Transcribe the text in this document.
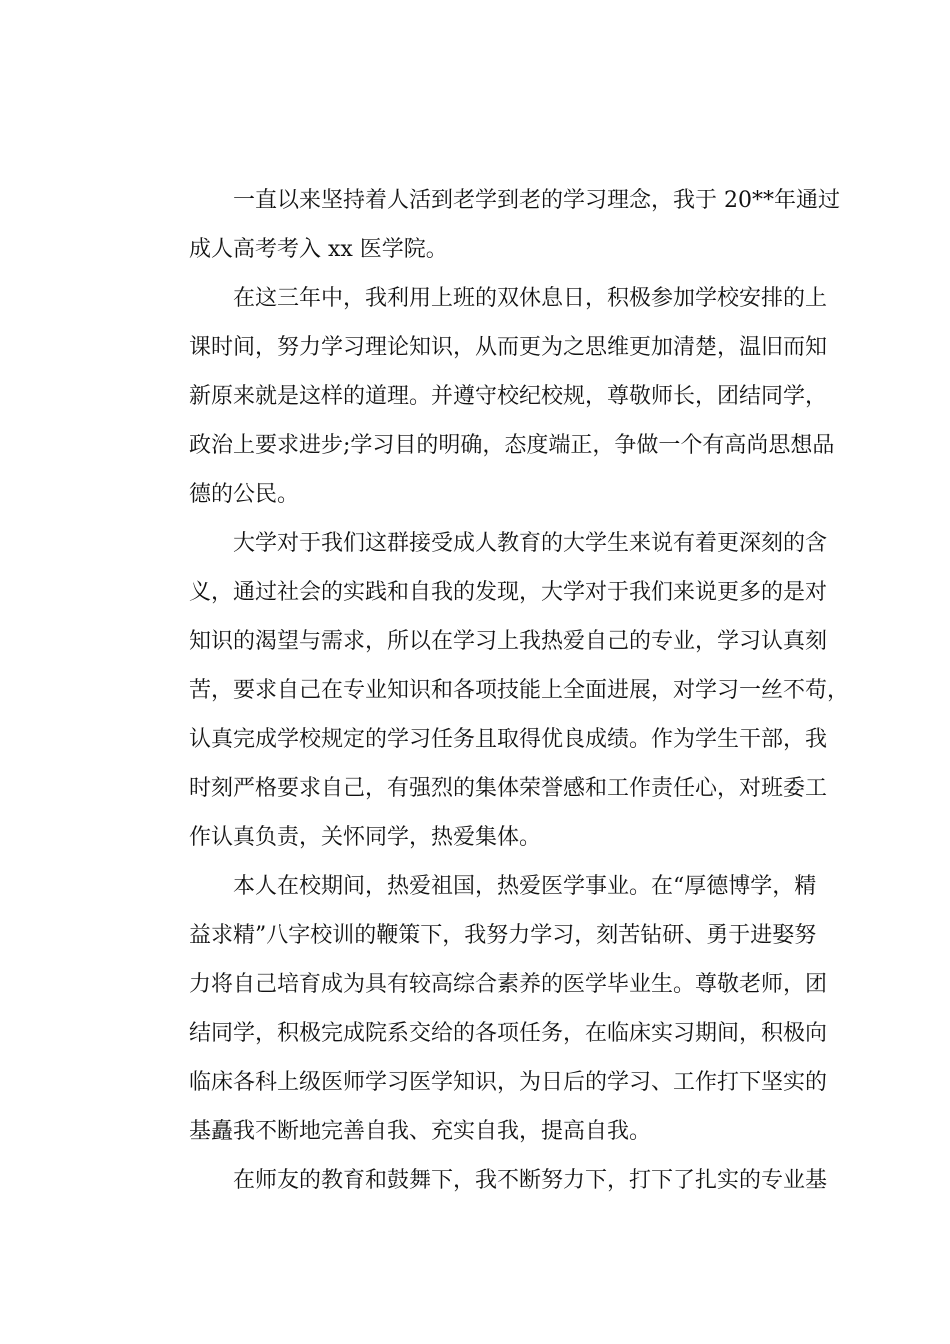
一直以来坚持着人活到老学到老的学习理念，我于 20**年通过
成人高考考入 xx 医学院。
在这三年中，我利用上班的双休息日，积极参加学校安排的上
课时间，努力学习理论知识，从而更为之思维更加清楚，温旧而知
新原来就是这样的道理。并遵守校纪校规，尊敬师长，团结同学，
政治上要求进步;学习目的明确，态度端正，争做一个有高尚思想品
德的公民。
大学对于我们这群接受成人教育的大学生来说有着更深刻的含
义，通过社会的实践和自我的发现，大学对于我们来说更多的是对
知识的渴望与需求，所以在学习上我热爱自己的专业，学习认真刻
苦，要求自己在专业知识和各项技能上全面进展，对学习一丝不苟，
认真完成学校规定的学习任务且取得优良成绩。作为学生干部，我
时刻严格要求自己，有强烈的集体荣誉感和工作责任心，对班委工
作认真负责，关怀同学，热爱集体。
本人在校期间，热爱祖国，热爱医学事业。在“厚德博学，精
益求精”八字校训的鞭策下，我努力学习，刻苦钻研、勇于进娶努
力将自己培育成为具有较高综合素养的医学毕业生。尊敬老师，团
结同学，积极完成院系交给的各项任务，在临床实习期间，积极向
临床各科上级医师学习医学知识，为日后的学习、工作打下坚实的
基矗我不断地完善自我、充实自我，提高自我。
在师友的教育和鼓舞下，我不断努力下，打下了扎实的专业基
